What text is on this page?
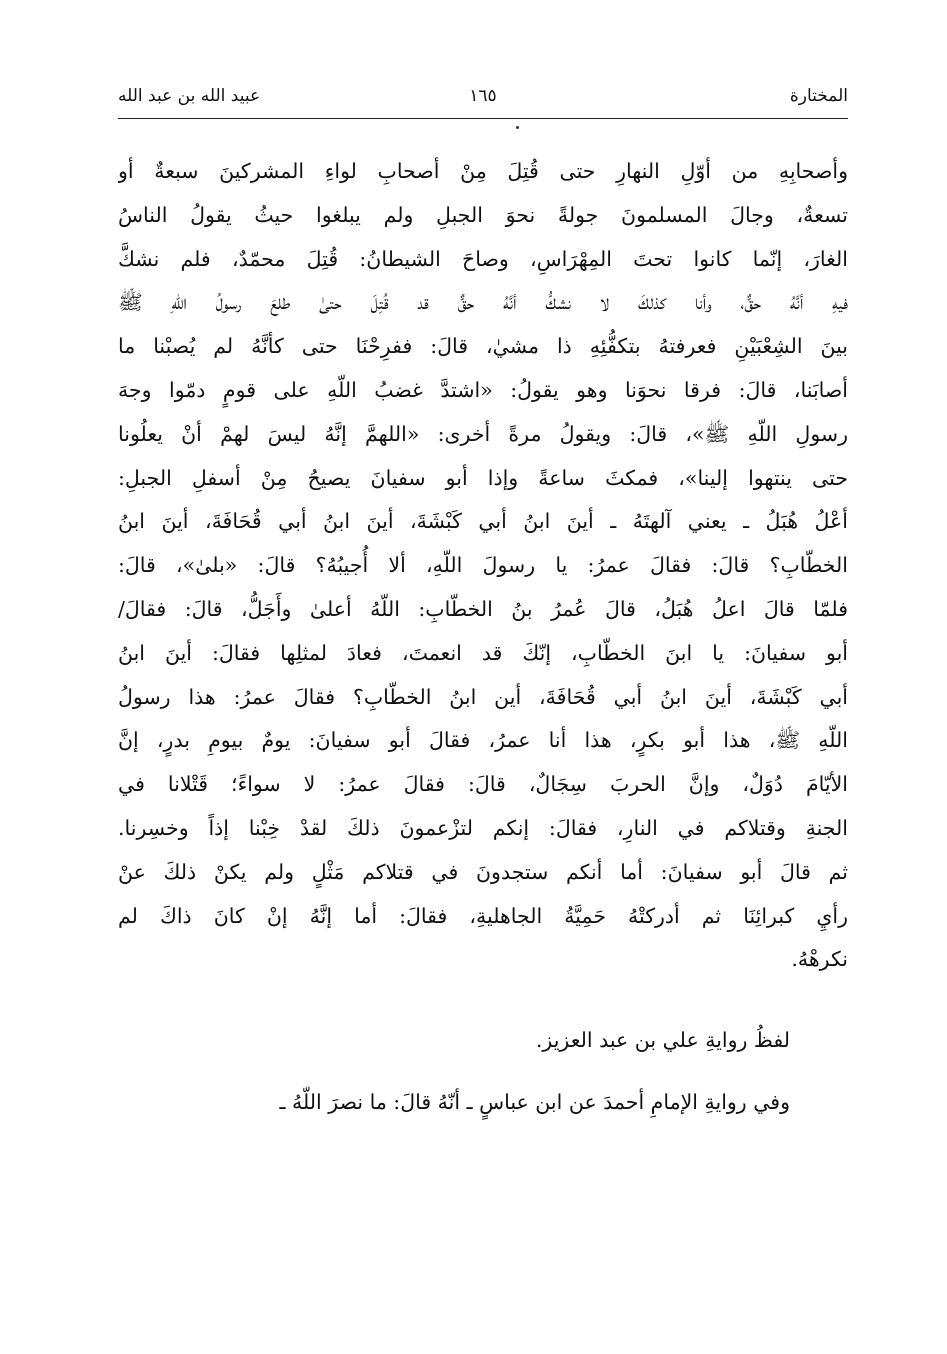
المختارة
١٦٥
عبيد الله بن عبد الله
وأصحابِهِ من أوّلِ النهارِ حتى قُتِلَ مِنْ أصحابِ لواءِ المشركينَ سبعةٌ أو
تسعةٌ، وجالَ المسلمونَ جولةً نحوَ الجبلِ ولم يبلغوا حيثُ يقولُ الناسُ
الغارَ، إنّما كانوا تحتَ المِهْرَاسِ، وصاحَ الشيطانُ: قُتِلَ محمّدٌ، فلم نشكَّ
فيهِ أنَّهُ حقٌّ، وأنا كذلكَ لا نشكُّ أنَّهُ حقٌّ قد قُتِلَ حتىٰ طلعَ رسولُ اللّهِ ﷺ
بينَ الشِعْبَيْنِ فعرفتهُ بتكفُّئِهِ ذا مشيٰ، قالَ: ففرِحْنَا حتى كأنَّهُ لم يُصبْنا ما
أصابَنا، قالَ: فرقا نحوَنا وهو يقولُ: «اشتدَّ غضبُ اللّهِ على قومٍ دمّوا وجهَ
رسولِ اللّهِ ﷺ»، قالَ: ويقولُ مرةً أخرى: «اللهمَّ إنَّهُ ليسَ لهمْ أنْ يعلُونا
حتى ينتهوا إلينا»، فمكثَ ساعةً وإذا أبو سفيانَ يصيحُ مِنْ أسفلِ الجبلِ:
أعْلُ هُبَلُ ـ يعني آلهتَهُ ـ أينَ ابنُ أبي كَبْشَةَ، أينَ ابنُ أبي قُحَافَةَ، أينَ ابنُ
الخطّابِ؟ قالَ: فقالَ عمرُ: يا رسولَ اللّهِ، ألا أُجيبُهُ؟ قالَ: «بلىٰ»، قالَ:
فلمّا قالَ اعلُ هُبَلُ، قالَ عُمرُ بنُ الخطّابِ: اللّهُ أعلىٰ وأَجَلُّ، قالَ: فقالَ/
أبو سفيانَ: يا ابنَ الخطّابِ، إنّكَ قد انعمتَ، فعادَ لمثلِها فقالَ: أينَ ابنُ
أبي كَبْشَةَ، أينَ ابنُ أبي قُحَافَةَ، أين ابنُ الخطّابِ؟ فقالَ عمرُ: هذا رسولُ
اللّهِ ﷺ، هذا أبو بكرٍ، هذا أنا عمرُ، فقالَ أبو سفيانَ: يومٌ بيومِ بدرٍ، إنَّ
الأيّامَ دُوَلٌ، وإنَّ الحربَ سِجَالٌ، قالَ: فقالَ عمرُ: لا سواءً؛ قَتْلانا في
الجنةِ وقتلاكم في النارِ، فقالَ: إنكم لتزْعمونَ ذلكَ لقدْ خِبْنا إذاً وخسِرنا.
ثم قالَ أبو سفيانَ: أما أنكم ستجدونَ في قتلاكم مَثْلٍ ولم يكنْ ذلكَ عنْ
رأيِ كبرائِنَا ثم أدركتْهُ حَمِيَّةُ الجاهليةِ، فقالَ: أما إنَّهُ إنْ كانَ ذاكَ لم
نكرهْهُ.
لفظُ روايةِ علي بن عبد العزيز.
وفي روايةِ الإمامِ أحمدَ عن ابن عباسٍ ـ أنّهُ قالَ: ما نصرَ اللّهُ ـ
